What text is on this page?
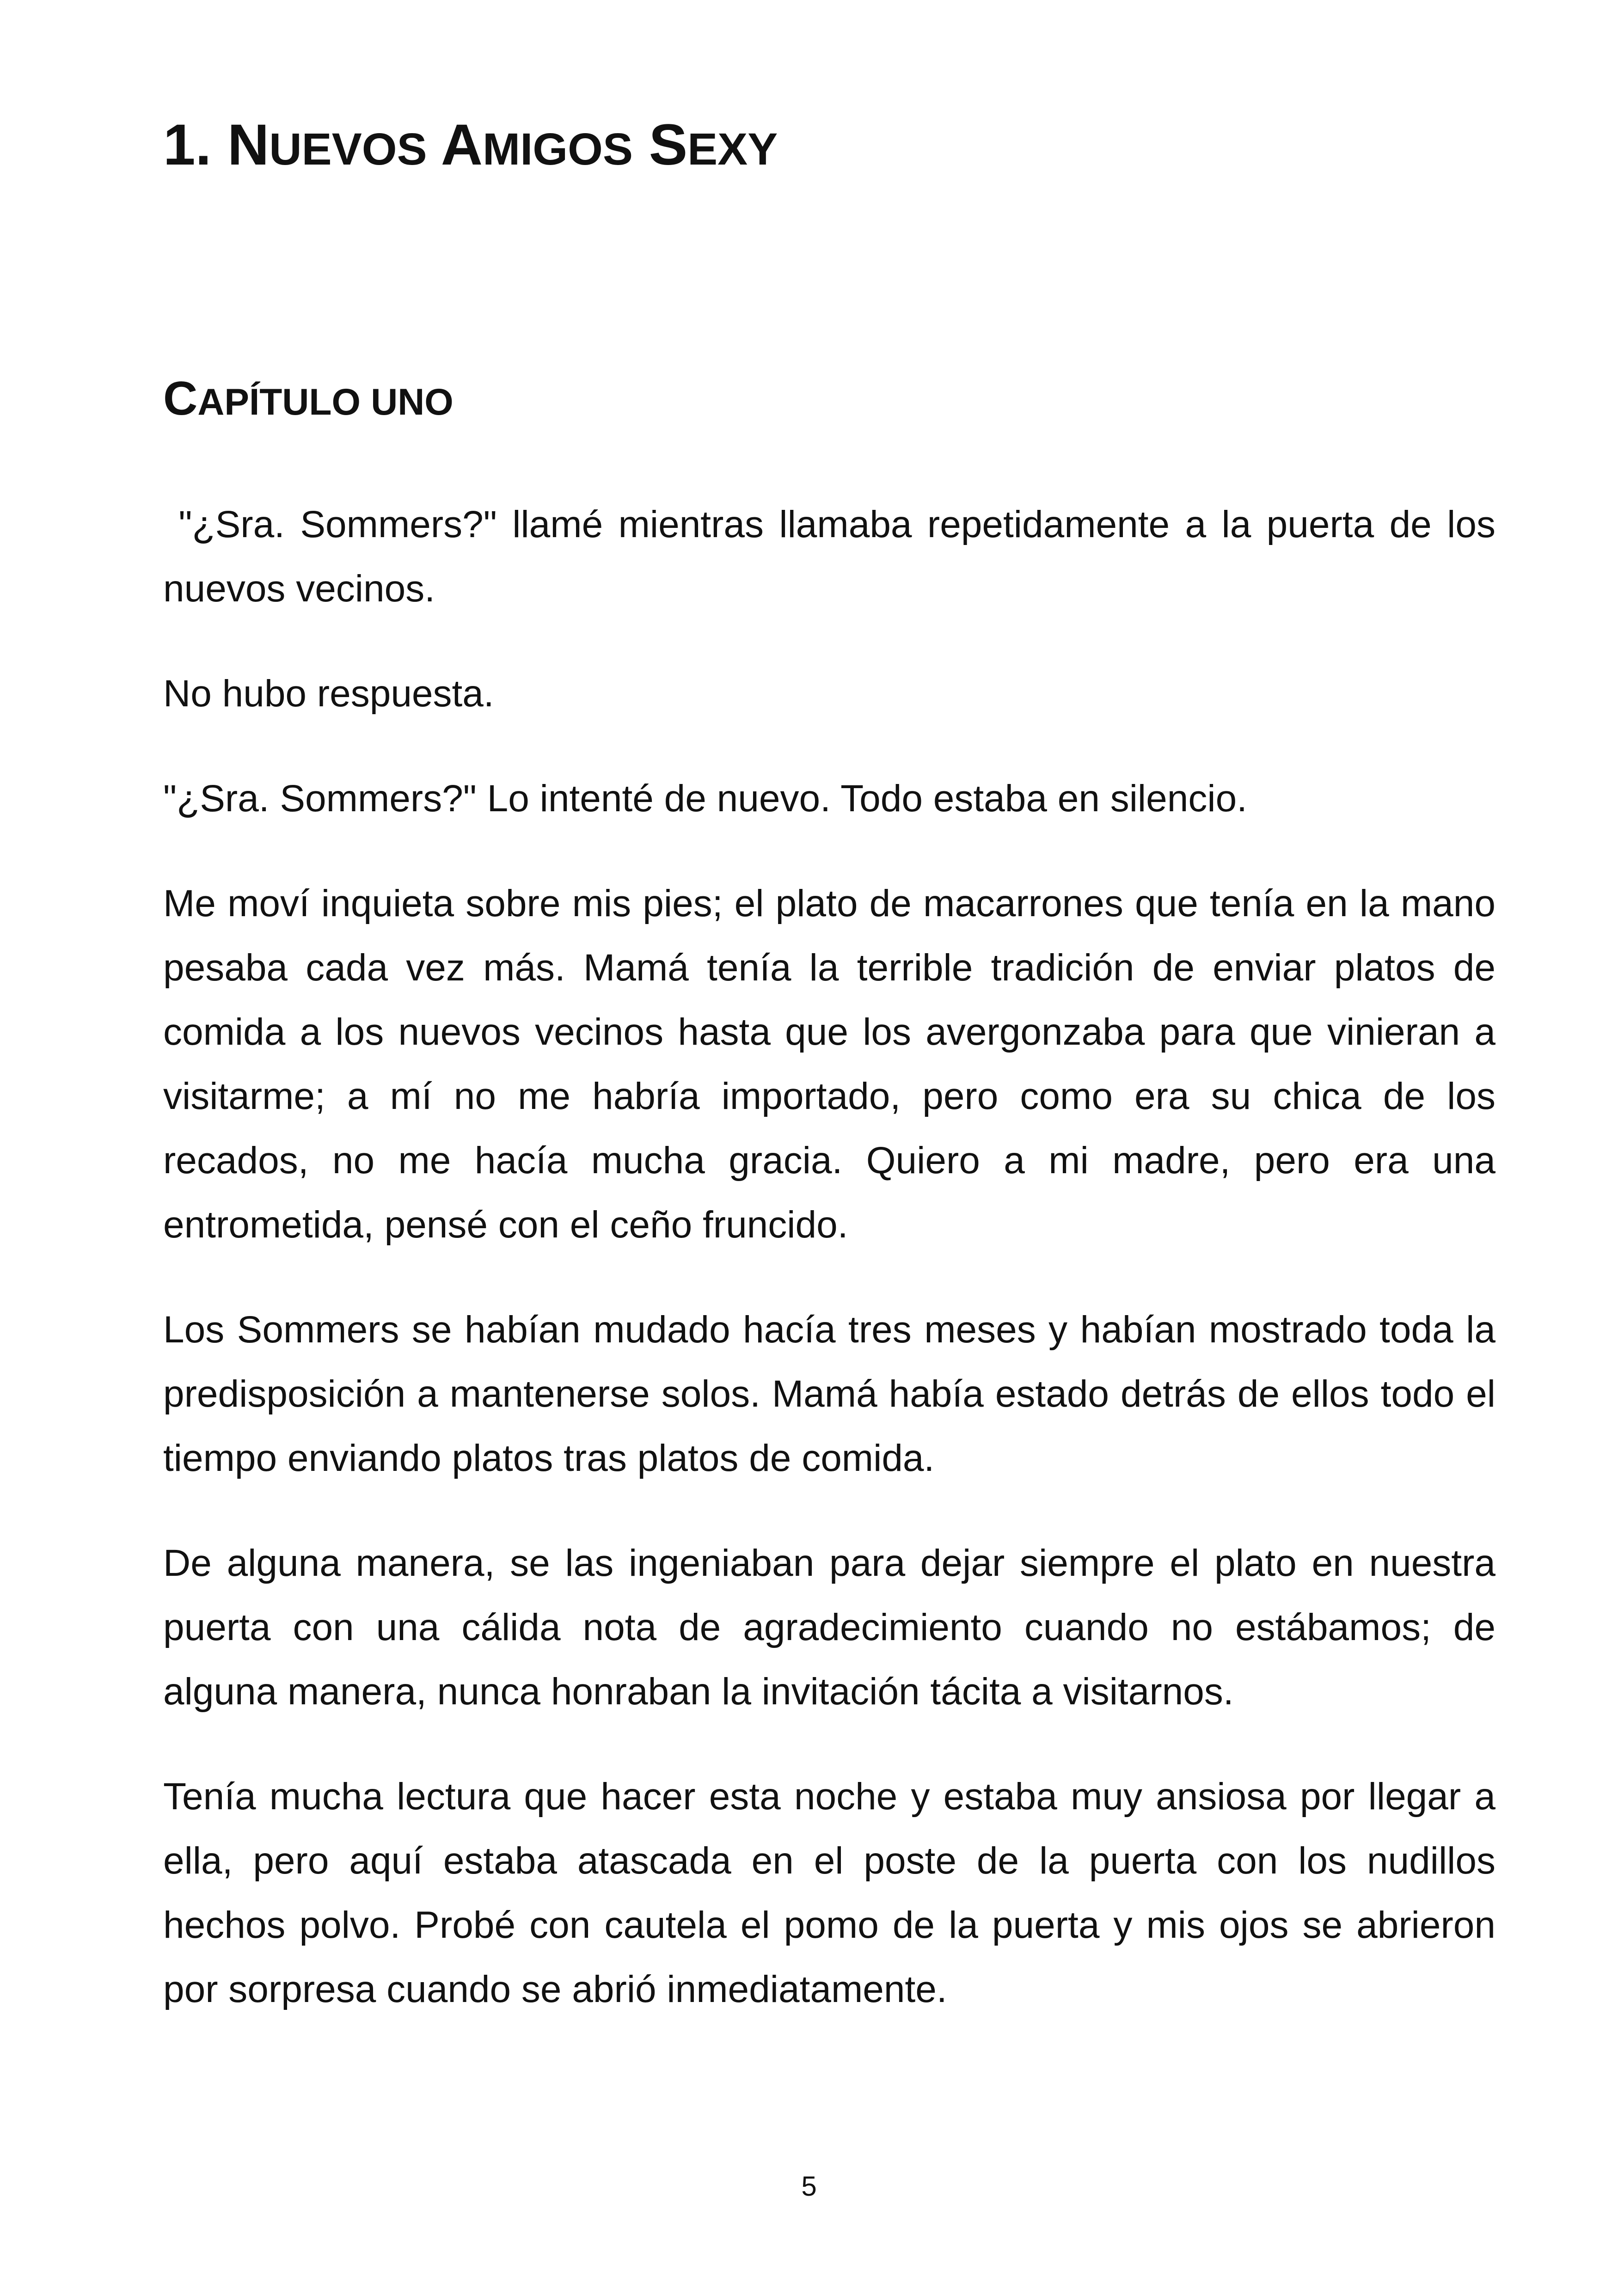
1. NUEVOS AMIGOS SEXY
CAPÍTULO UNO

"¿Sra. Sommers?" llamé mientras llamaba repetidamente a la puerta de los nuevos vecinos.

No hubo respuesta.

"¿Sra. Sommers?" Lo intenté de nuevo. Todo estaba en silencio.

Me moví inquieta sobre mis pies; el plato de macarrones que tenía en la mano pesaba cada vez más. Mamá tenía la terrible tradición de enviar platos de comida a los nuevos vecinos hasta que los avergonzaba para que vinieran a visitarme; a mí no me habría importado, pero como era su chica de los recados, no me hacía mucha gracia. Quiero a mi madre, pero era una entrometida, pensé con el ceño fruncido.

Los Sommers se habían mudado hacía tres meses y habían mostrado toda la predisposición a mantenerse solos. Mamá había estado detrás de ellos todo el tiempo enviando platos tras platos de comida.

De alguna manera, se las ingeniaban para dejar siempre el plato en nuestra puerta con una cálida nota de agradecimiento cuando no estábamos; de alguna manera, nunca honraban la invitación tácita a visitarnos.

Tenía mucha lectura que hacer esta noche y estaba muy ansiosa por llegar a ella, pero aquí estaba atascada en el poste de la puerta con los nudillos hechos polvo. Probé con cautela el pomo de la puerta y mis ojos se abrieron por sorpresa cuando se abrió inmediatamente.

5
